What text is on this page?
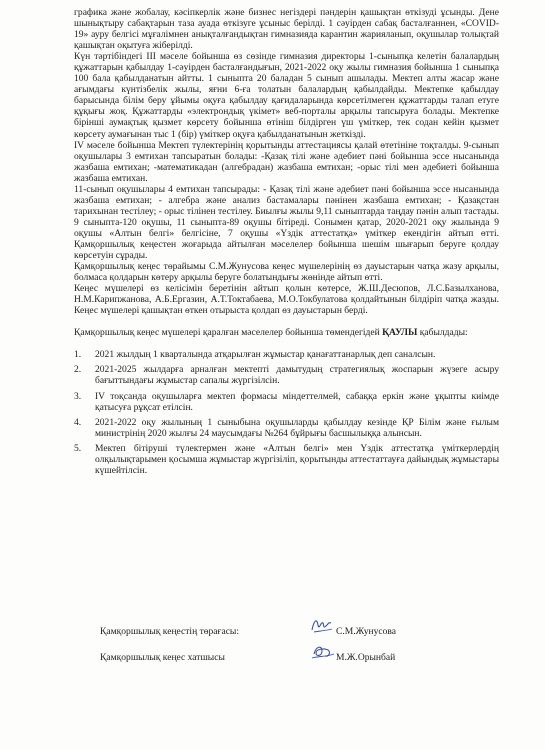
графика және жобалау, кәсіпкерлік және бизнес негіздері пәндерін қашықтан өткізуді ұсынды. Дене шынықтыру сабақтарын таза ауада өткізуге ұсыныс берілді. 1 сәуірден сабақ басталғаннен, «COVID-19» ауру белгісі мұғалімнен анықталғандықтан гимназияда карантин жарияланып, оқушылар толықтай қашықтан оқытуға жіберілді.

Күн тәртібіндегі ІІІ мәселе бойынша өз сөзінде гимназия директоры 1-сыныпқа келетін балалардың құжаттарын қабылдау 1-сәуірден басталғандығын, 2021-2022 оқу жылы гимназия бойынша 1 сыныпқа 100 бала қабылданатын айтты. 1 сыныпта 20 баладан 5 сынып ашылады. Мектеп алты жасар және ағымдағы күнтізбелік жылы, яғни 6-ға толатын балалардың қабылдайды. Мектепке қабылдау барысында білім беру ұйымы оқуға қабылдау қағидаларында көрсетілмеген құжаттарды талап етуге құқығы жоқ. Құжаттарды «электрондық үкімет» веб-порталы арқылы тапсыруға болады. Мектепке бірінші аумақтық қызмет көрсету бойынша өтініш білдірген үш үміткер, тек содан кейін қызмет көрсету аумағынан тыс 1 (бір) үміткер оқуға қабылданатынын жеткізді.

ІV мәселе бойынша Мектеп түлектерінің қорытынды аттестациясы қалай өтетініне тоқталды. 9-сынып оқушылары 3 емтихан тапсыратын болады: -Қазақ тілі және әдебиет пәні бойынша эссе нысанында жазбаша емтихан; -математикадан (алгебрадан) жазбаша емтихан; -орыс тілі мен әдебиеті бойынша жазбаша емтихан.

11-сынып оқушылары 4 емтихан тапсырады: - Қазақ тілі және әдебиет пәні бойынша эссе нысанында жазбаша емтихан; - алгебра және анализ бастамалары пәнінен жазбаша емтихан; - Қазақстан тарихынан тестілеу; - орыс тілінен тестілеу. Биылғы жылы 9,11 сыныптарда таңдау пәнін алып тастады. 9 сыныпта-120 оқушы, 11 сыныпта-89 оқушы бітіреді. Сонымен қатар, 2020-2021 оқу жылында 9 оқушы «Алтын белгі» белгісіне, 7 оқушы «Үздік аттестатқа» үміткер екендігін айтып өтті. Қамқоршылық кеңестен жоғарыда айтылған мәселелер бойынша шешім шығарып беруге қолдау көрсетуін сұрады.

Қамқоршылық кеңес төрайымы С.М.Жунусова кеңес мүшелерінің өз дауыстарын чатқа жазу арқылы, болмаса қолдарын көтеру арқылы беруге болатындығы жөнінде айтып өтті.

Кеңес мүшелері өз келісімін беретінін айтып қолын көтерсе, Ж.Ш.Десюпов, Л.С.Базылханова, Н.М.Карипжанова, А.Б.Ергазин, А.Т.Токтабаева, М.О.Токбулатова қолдайтынын білдіріп чатқа жазды. Кеңес мүшелері қашықтан өткен отырыста қолдап өз дауыстарын берді.

Қамқоршылық кеңес мүшелері қаралған мәселелер бойынша төмендегідей ҚАУЛЫ қабылдады:

1.	2021 жылдың 1 кварталында атқарылған жұмыстар қанағаттанарлық деп саналсын.
2.	2021-2025 жылдарға арналған мектепті дамытудың стратегиялық жоспарын жүзеге асыру бағыттындағы жұмыстар сапалы жүргізілсін.
3.	ІV тоқсанда оқушыларға мектеп формасы міндеттелмей, сабаққа еркін және ұқыпты киімде қатысуға рұқсат етілсін.
4.	2021-2022 оқу жылының 1 сыныбына оқушыларды қабылдау кезінде ҚР Білім және ғылым министрінің 2020 жылғы 24 маусымдағы №264 бұйрығы басшылыққа алынсын.
5.	Мектеп бітіруші түлектермен және «Алтын белгі» мен Үздік аттестатқа үміткерлердің олқылықтарымен қосымша жұмыстар жүргізіліп, қорытынды аттестаттауға дайындық жұмыстары күшейтілсін.
Қамқоршылық кеңестің төрағасы:	С.М.Жунусова
Қамқоршылық кеңес хатшысы	М.Ж.Орынбай
